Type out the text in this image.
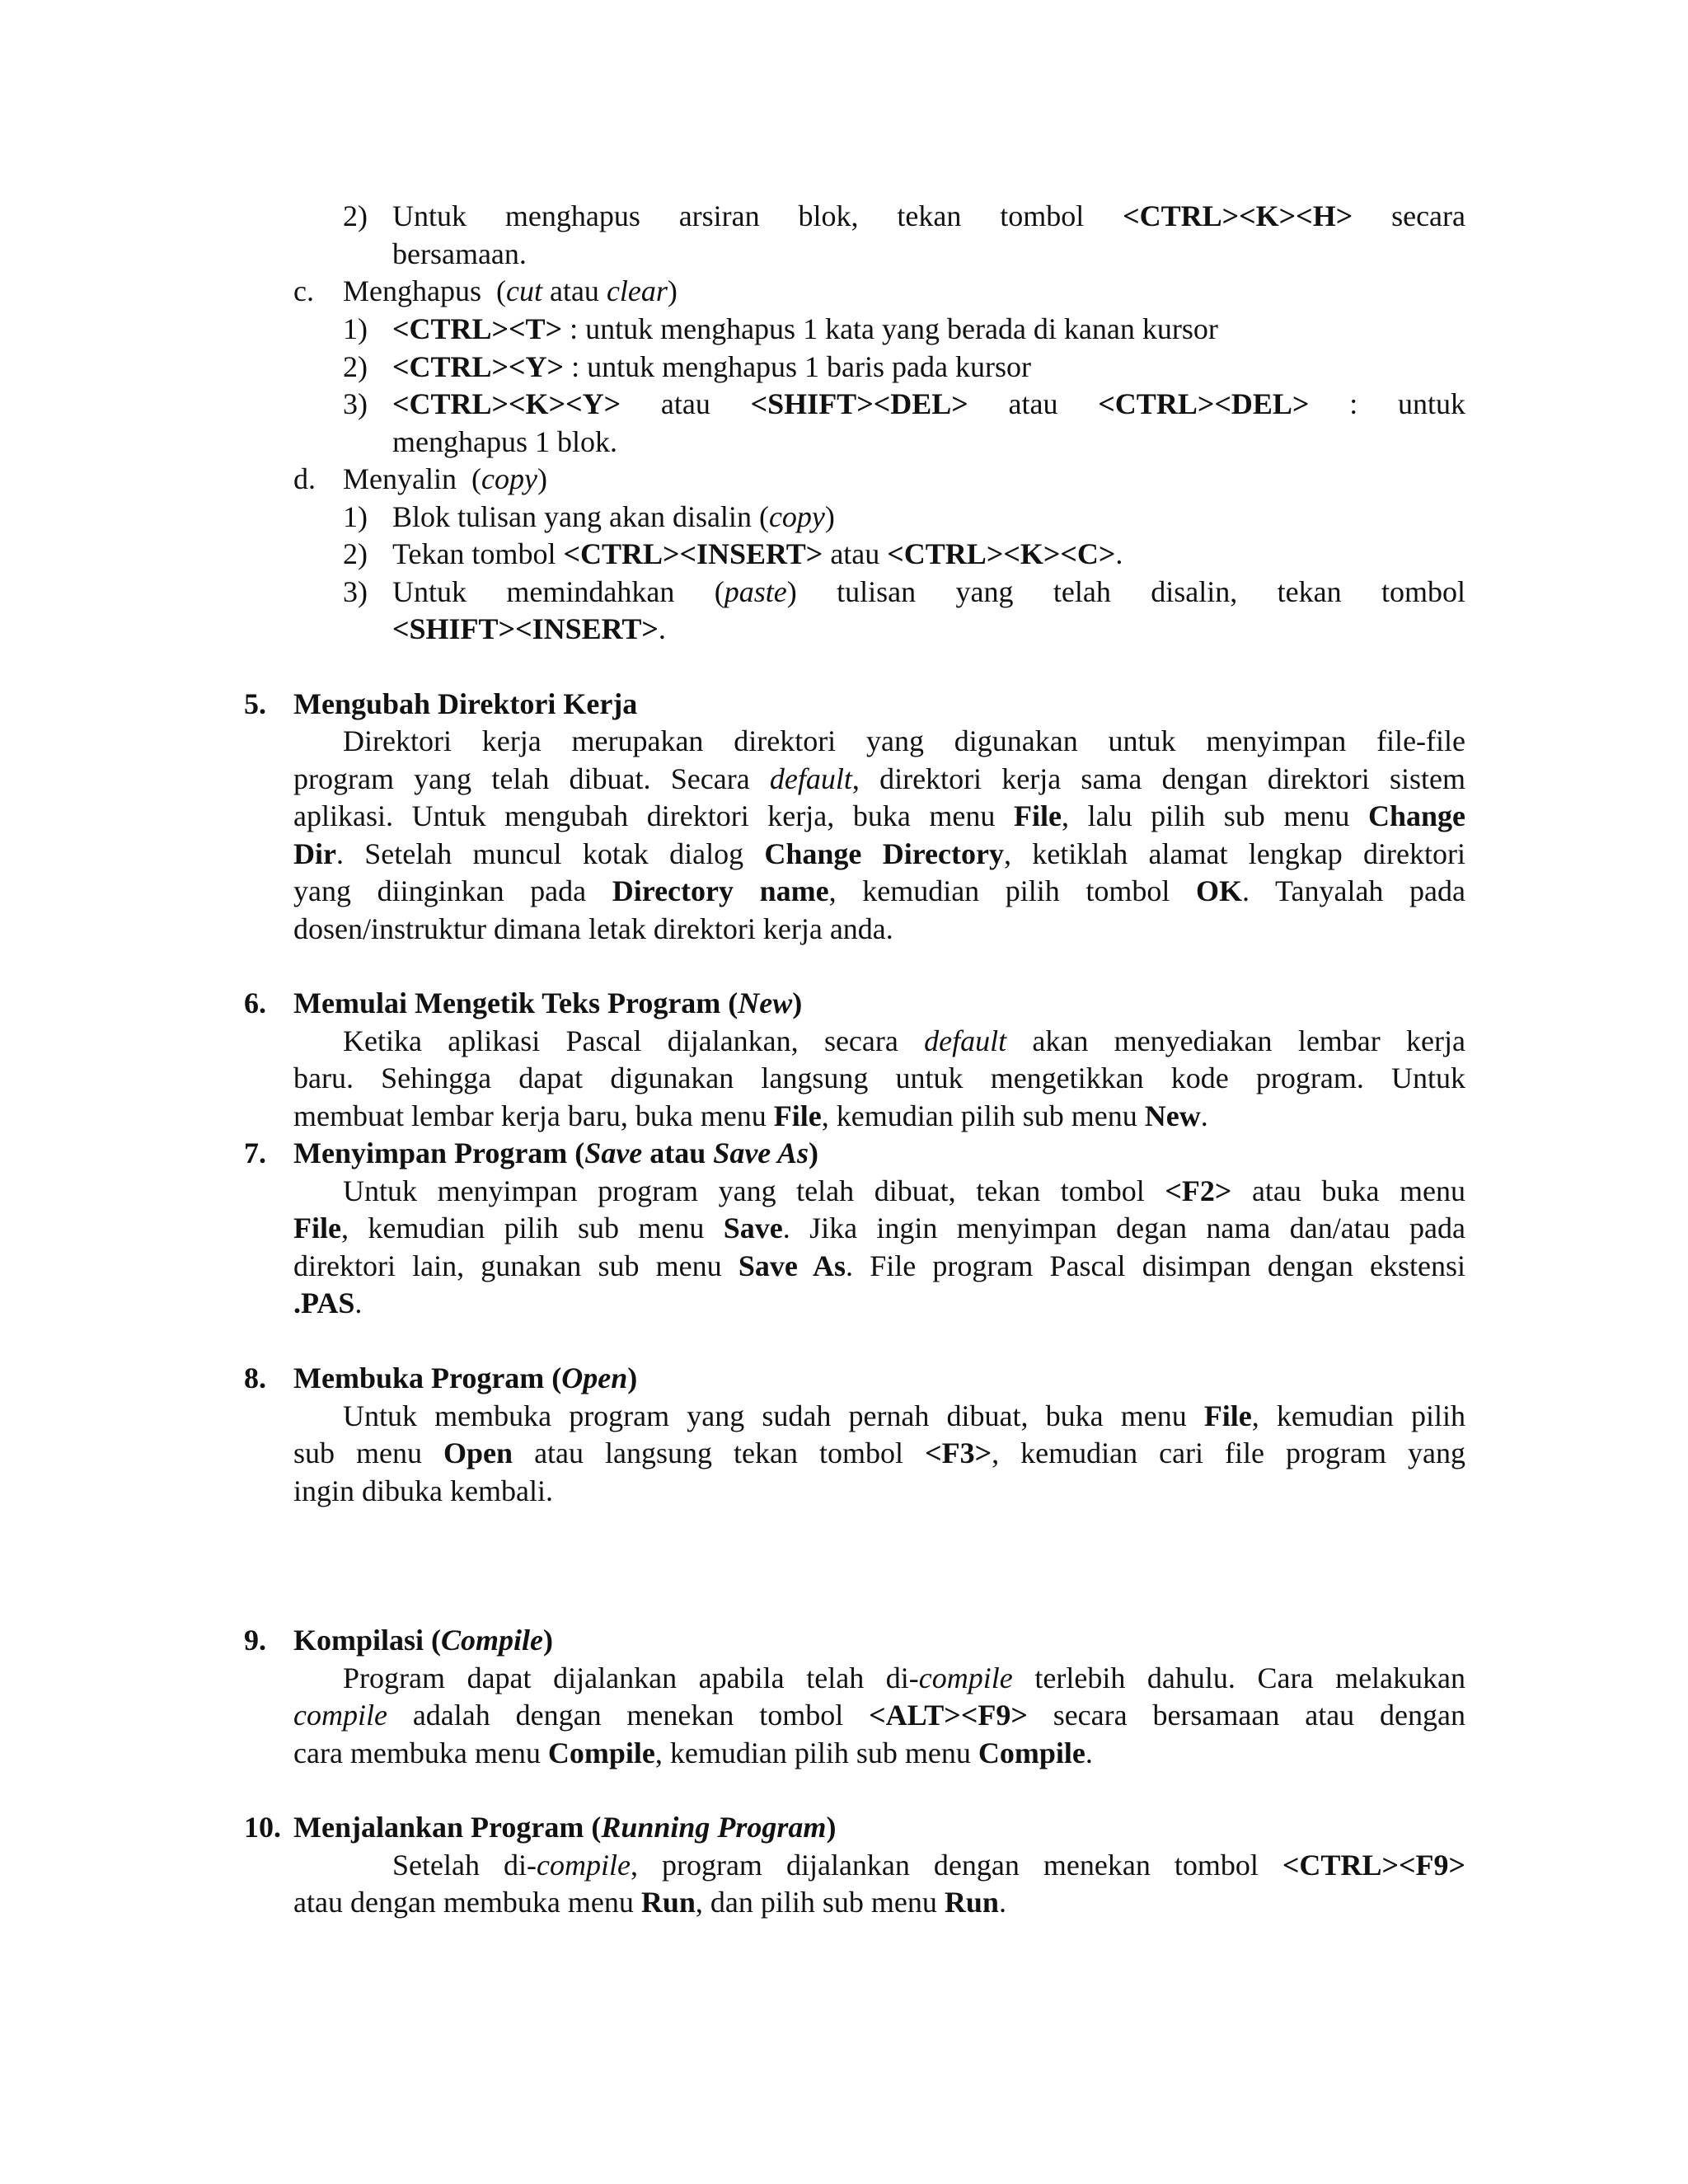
2) Untuk menghapus arsiran blok, tekan tombol <CTRL><K><H> secara
bersamaan.
c. Menghapus (cut atau clear)
1) <CTRL><T> : untuk menghapus 1 kata yang berada di kanan kursor
2) <CTRL><Y> : untuk menghapus 1 baris pada kursor
3) <CTRL><K><Y> atau <SHIFT><DEL> atau <CTRL><DEL> : untuk
menghapus 1 blok.
d. Menyalin  (copy)
1) Blok tulisan yang akan disalin (copy)
2) Tekan tombol <CTRL><INSERT> atau <CTRL><K><C>.
3) Untuk memindahkan (paste) tulisan yang telah disalin, tekan tombol
<SHIFT><INSERT>.
5. Mengubah Direktori Kerja
Direktori kerja merupakan direktori yang digunakan untuk menyimpan file-file
program yang telah dibuat. Secara default, direktori kerja sama dengan direktori sistem
aplikasi. Untuk mengubah direktori kerja, buka menu File, lalu pilih sub menu Change
Dir. Setelah muncul kotak dialog Change Directory, ketiklah alamat lengkap direktori
yang diinginkan pada Directory name, kemudian pilih tombol OK. Tanyalah pada
dosen/instruktur dimana letak direktori kerja anda.
6. Memulai Mengetik Teks Program (New)
Ketika aplikasi Pascal dijalankan, secara default akan menyediakan lembar kerja
baru. Sehingga dapat digunakan langsung untuk mengetikkan kode program. Untuk
membuat lembar kerja baru, buka menu File, kemudian pilih sub menu New.
7. Menyimpan Program (Save atau Save As)
Untuk menyimpan program yang telah dibuat, tekan tombol <F2> atau buka menu
File, kemudian pilih sub menu Save. Jika ingin menyimpan degan nama dan/atau pada
direktori lain, gunakan sub menu Save As. File program Pascal disimpan dengan ekstensi
.PAS.
8. Membuka Program (Open)
Untuk membuka program yang sudah pernah dibuat, buka menu File, kemudian pilih
sub menu Open atau langsung tekan tombol <F3>, kemudian cari file program yang
ingin dibuka kembali.
9. Kompilasi (Compile)
Program dapat dijalankan apabila telah di-compile terlebih dahulu. Cara melakukan
compile adalah dengan menekan tombol <ALT><F9> secara bersamaan atau dengan
cara membuka menu Compile, kemudian pilih sub menu Compile.
10. Menjalankan Program (Running Program)
Setelah di-compile, program dijalankan dengan menekan tombol <CTRL><F9>
atau dengan membuka menu Run, dan pilih sub menu Run.
